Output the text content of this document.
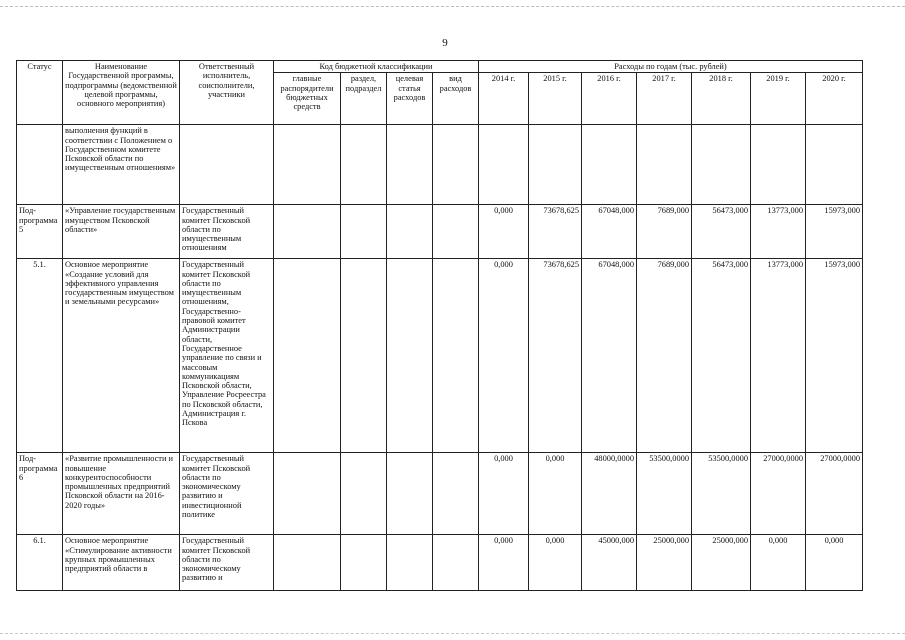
9
Статус	Наименование Государственной программы, подпрограммы (ведомственной целевой программы, основного мероприятия)	Ответственный исполнитель, соисполнители, участники	Код бюджетной классификации				Расходы по годам (тыс. рублей)						
			главные распорядители бюджетных средств	раздел, подраздел	целевая статья расходов	вид расходов	2014 г.	2015 г.	2016 г.	2017 г.	2018 г.	2019 г.	2020 г.
	выполнения функций в соответствии с Положением о Государственном комитете Псковской области по имущественным отношениям»												
Под-программа 5	«Управление государственным имуществом Псковской области»	Государственный комитет Псковской области по имущественным отношениям					0,000	73678,625	67048,000	7689,000	56473,000	13773,000	15973,000
5.1.	Основное мероприятие «Создание условий для эффективного управления государственным имуществом и земельными ресурсами»	Государственный комитет Псковской области по имущественным отношениям, Государственно-правовой комитет Администрации области, Государственное управление по связи и массовым коммуникациям Псковской области, Управление Росреестра по Псковской области, Администрация г. Пскова					0,000	73678,625	67048,000	7689,000	56473,000	13773,000	15973,000
Под-программа 6	«Развитие промышленности и повышение конкурентоспособности промышленных предприятий Псковской области на 2016-2020 годы»	Государственный комитет Псковской области по экономическому развитию и инвестиционной политике					0,000	0,000	48000,0000	53500,0000	53500,0000	27000,0000	27000,0000
6.1.	Основное мероприятие «Стимулирование активности крупных промышленных предприятий области в	Государственный комитет Псковской области по экономическому развитию и					0,000	0,000	45000,000	25000,000	25000,000	0,000	0,000
